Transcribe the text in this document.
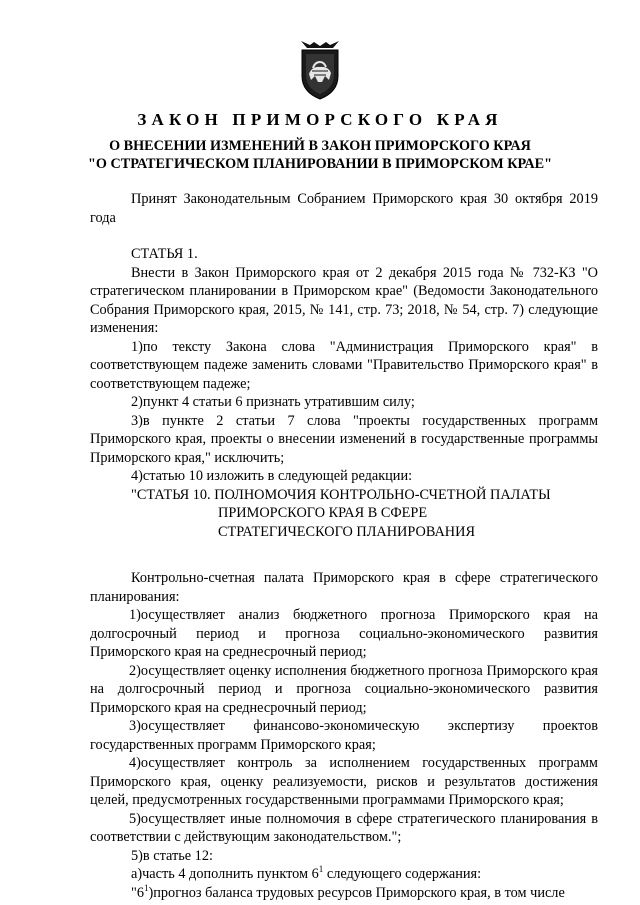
ЗАКОН ПРИМОРСКОГО КРАЯ
О ВНЕСЕНИИ ИЗМЕНЕНИЙ В ЗАКОН ПРИМОРСКОГО КРАЯ
"О СТРАТЕГИЧЕСКОМ ПЛАНИРОВАНИИ В ПРИМОРСКОМ КРАЕ"

Принят Законодательным Собранием Приморского края 30 октября 2019 года

СТАТЬЯ 1.

Внести в Закон Приморского края от 2 декабря 2015 года № 732-КЗ "О стратегическом планировании в Приморском крае" (Ведомости Законодательного Собрания Приморского края, 2015, № 141, стр. 73; 2018, № 54, стр. 7) следующие изменения:

1)по тексту Закона слова "Администрация Приморского края" в соответствующем падеже заменить словами "Правительство Приморского края" в соответствующем падеже;

2)пункт 4 статьи 6 признать утратившим силу;

3)в пункте 2 статьи 7 слова "проекты государственных программ Приморского края, проекты о внесении изменений в государственные программы Приморского края," исключить;

4)статью 10 изложить в следующей редакции:

"СТАТЬЯ 10. ПОЛНОМОЧИЯ КОНТРОЛЬНО-СЧЕТНОЙ ПАЛАТЫ
ПРИМОРСКОГО КРАЯ В СФЕРЕ
СТРАТЕГИЧЕСКОГО ПЛАНИРОВАНИЯ

Контрольно-счетная палата Приморского края в сфере стратегического планирования:

1)осуществляет анализ бюджетного прогноза Приморского края на долгосрочный период и прогноза социально-экономического развития Приморского края на среднесрочный период;

2)осуществляет оценку исполнения бюджетного прогноза Приморского края на долгосрочный период и прогноза социально-экономического развития Приморского края на среднесрочный период;

3)осуществляет финансово-экономическую экспертизу проектов государственных программ Приморского края;

4)осуществляет контроль за исполнением государственных программ Приморского края, оценку реализуемости, рисков и результатов достижения целей, предусмотренных государственными программами Приморского края;

5)осуществляет иные полномочия в сфере стратегического планирования в соответствии с действующим законодательством.";

5)в статье 12:

а)часть 4 дополнить пунктом $6^1$ следующего содержания:

"$6^1)прогноз$ баланса трудовых ресурсов Приморского края, в том числе
